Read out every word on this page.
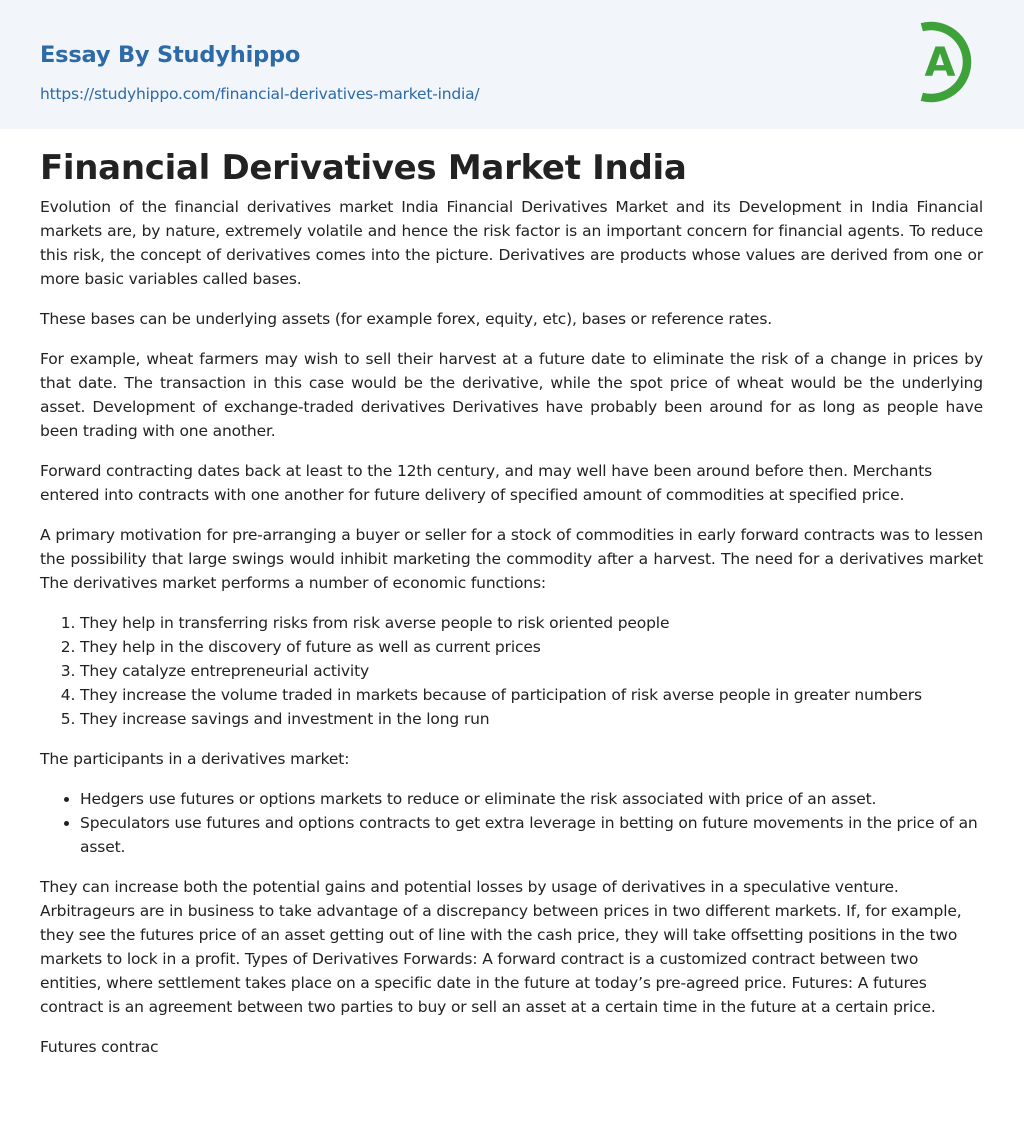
Essay By Studyhippo
https://studyhippo.com/financial-derivatives-market-india/
A
Financial Derivatives Market India

Evolution of the financial derivatives market India Financial Derivatives Market and its Development in India Financial markets are, by nature, extremely volatile and hence the risk factor is an important concern for financial agents. To reduce this risk, the concept of derivatives comes into the picture. Derivatives are products whose values are derived from one or more basic variables called bases.

These bases can be underlying assets (for example forex, equity, etc), bases or reference rates.

For example, wheat farmers may wish to sell their harvest at a future date to eliminate the risk of a change in prices by that date. The transaction in this case would be the derivative, while the spot price of wheat would be the underlying asset. Development of exchange-traded derivatives Derivatives have probably been around for as long as people have been trading with one another.

Forward contracting dates back at least to the 12th century, and may well have been around before then. Merchants entered into contracts with one another for future delivery of specified amount of commodities at specified price.

A primary motivation for pre-arranging a buyer or seller for a stock of commodities in early forward contracts was to lessen the possibility that large swings would inhibit marketing the commodity after a harvest. The need for a derivatives market The derivatives market performs a number of economic functions:

1. They help in transferring risks from risk averse people to risk oriented people
2. They help in the discovery of future as well as current prices
3. They catalyze entrepreneurial activity
4. They increase the volume traded in markets because of participation of risk averse people in greater numbers
5. They increase savings and investment in the long run

The participants in a derivatives market:

• Hedgers use futures or options markets to reduce or eliminate the risk associated with price of an asset.
• Speculators use futures and options contracts to get extra leverage in betting on future movements in the price of an asset.

They can increase both the potential gains and potential losses by usage of derivatives in a speculative venture. Arbitrageurs are in business to take advantage of a discrepancy between prices in two different markets. If, for example, they see the futures price of an asset getting out of line with the cash price, they will take offsetting positions in the two markets to lock in a profit. Types of Derivatives Forwards: A forward contract is a customized contract between two entities, where settlement takes place on a specific date in the future at today’s pre-agreed price. Futures: A futures contract is an agreement between two parties to buy or sell an asset at a certain time in the future at a certain price.

Futures contrac
